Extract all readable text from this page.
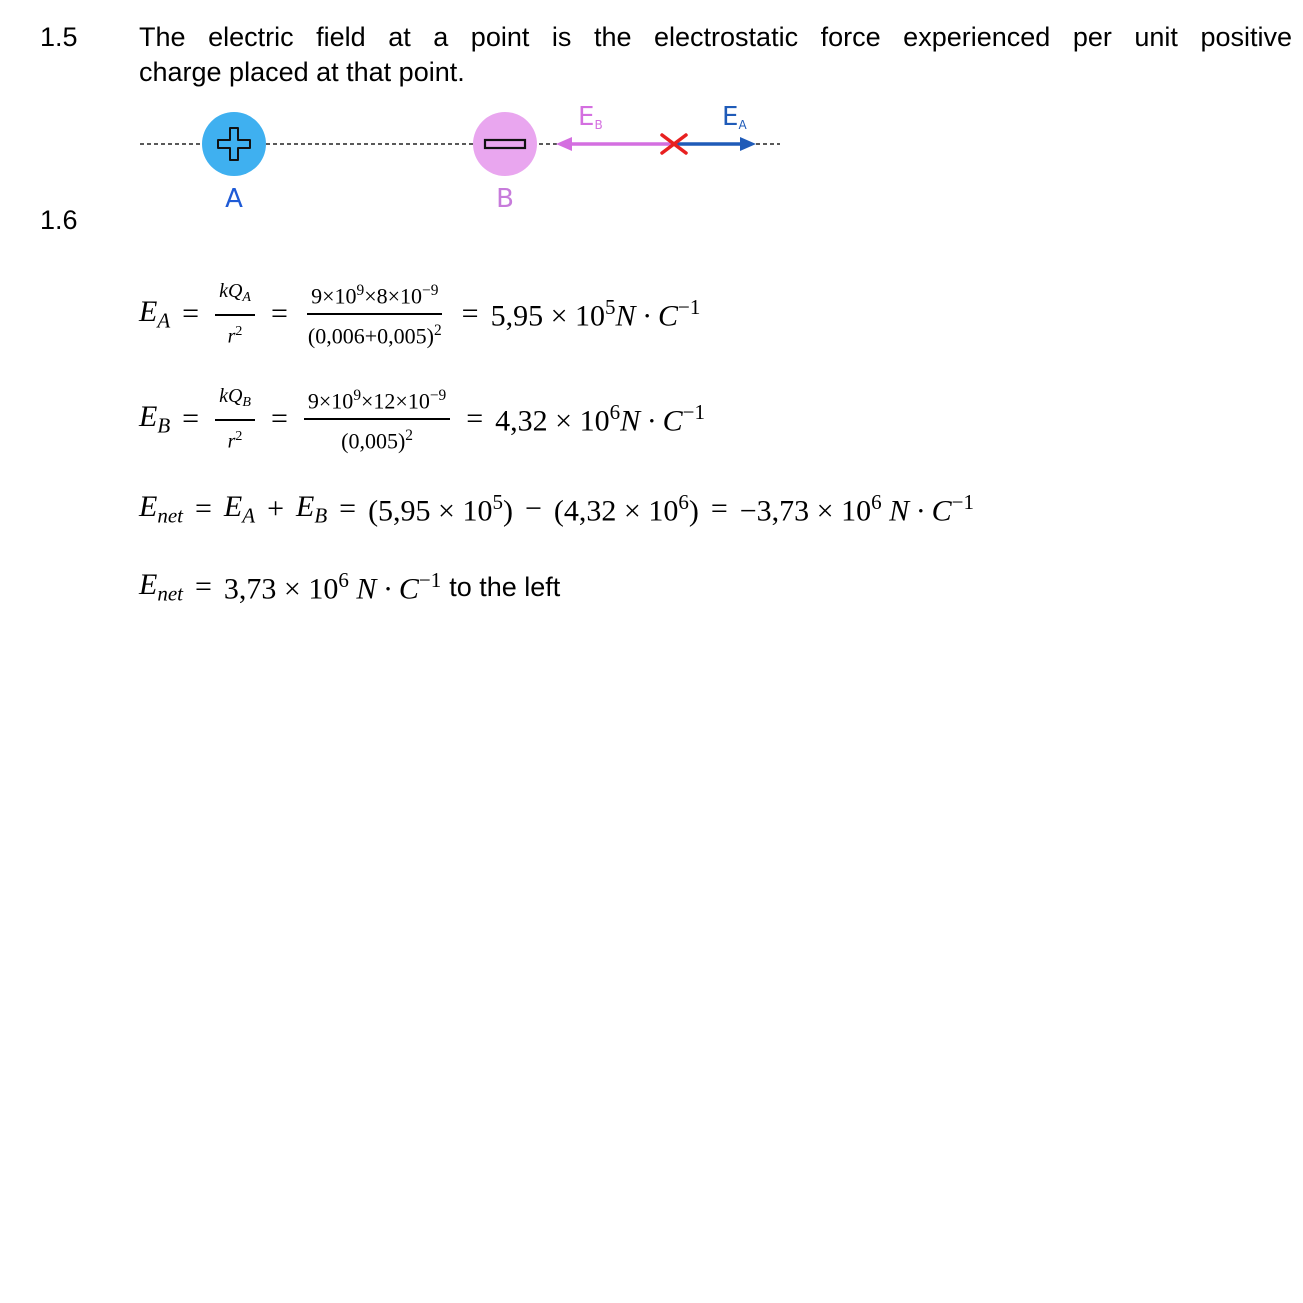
1.5 The electric field at a point is the electrostatic force experienced per unit positive
charge placed at that point.
A	B
EB	EA
1.6
$E_A = \frac{kQ_A}{r^2} = \frac{9\times 10^9\times 8\times 10^{-9}}{(0,006+0,005)^2} = 5,95 \times 10^5N \cdot C^{-1}$
$E_B = \frac{kQ_B}{r^2} = \frac{9\times 10^9\times 12\times 10^{-9}}{(0,005)^2} = 4,32 \times 10^6N \cdot C^{-1}$
$E_{net} = E_A + E_B = (5,95 \times 10^5) - (4,32 \times 10^6) = -3,73 \times 10^6$ $N \cdot C^{-1}$
$E_{net} = 3,73 \times 10^6$ $N \cdot C^{-1}$ to the left
